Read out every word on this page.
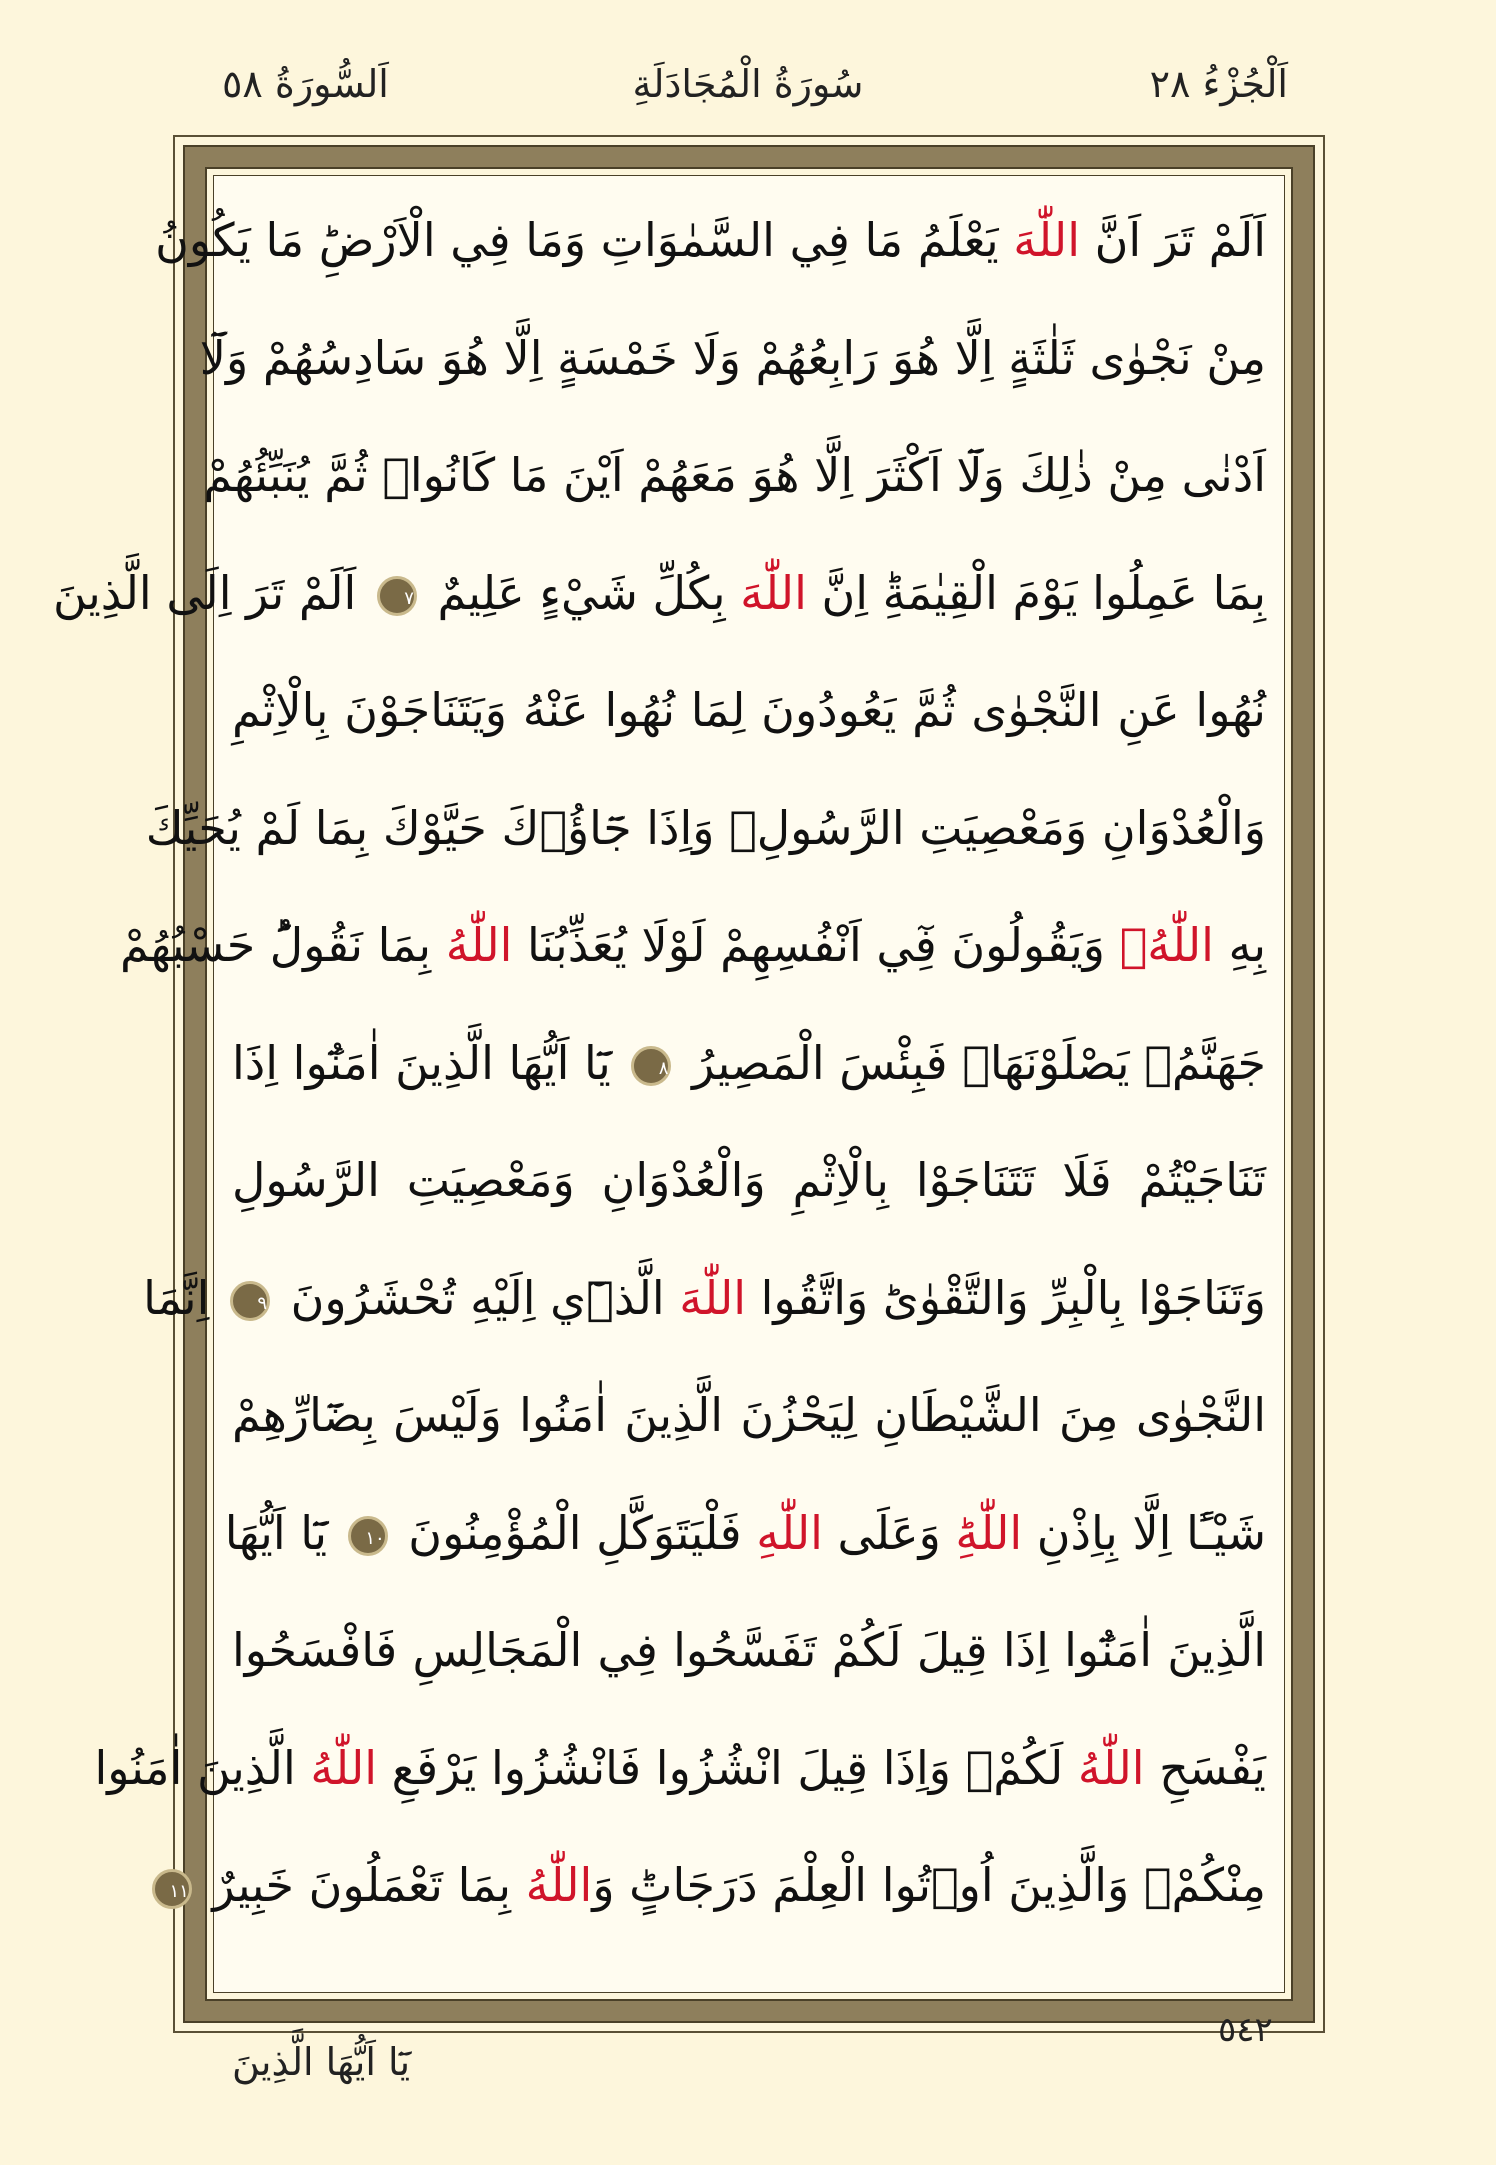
اَلْجُزْءُ ٢٨
سُورَةُ الْمُجَادَلَةِ
اَلسُّورَةُ ٥٨
اَلَمْ تَرَ اَنَّ اللّٰهَ يَعْلَمُ مَا فِي السَّمٰوَاتِ وَمَا فِي الْاَرْضِؕ مَا يَكُونُ
مِنْ نَجْوٰى ثَلٰثَةٍ اِلَّا هُوَ رَابِعُهُمْ وَلَا خَمْسَةٍ اِلَّا هُوَ سَادِسُهُمْ وَلَٓا
اَدْنٰى مِنْ ذٰلِكَ وَلَٓا اَكْثَرَ اِلَّا هُوَ مَعَهُمْ اَيْنَ مَا كَانُواۚ ثُمَّ يُنَبِّئُهُمْ
بِمَا عَمِلُوا يَوْمَ الْقِيٰمَةِؕ اِنَّ اللّٰهَ بِكُلِّ شَيْءٍ عَلِيمٌ ٧ اَلَمْ تَرَ اِلَى الَّذِينَ
نُهُوا عَنِ النَّجْوٰى ثُمَّ يَعُودُونَ لِمَا نُهُوا عَنْهُ وَيَتَنَاجَوْنَ بِالْاِثْمِ
وَالْعُدْوَانِ وَمَعْصِيَتِ الرَّسُولِۘ وَاِذَا جَٓاؤُ۫كَ حَيَّوْكَ بِمَا لَمْ يُحَيِّكَ
بِهِ اللّٰهُۙ وَيَقُولُونَ فِٓي اَنْفُسِهِمْ لَوْلَا يُعَذِّبُنَا اللّٰهُ بِمَا نَقُولُؕ حَسْبُهُمْ
جَهَنَّمُۚ يَصْلَوْنَهَاۚ فَبِئْسَ الْمَصِيرُ ٨ يَٓا اَيُّهَا الَّذِينَ اٰمَنُٓوا اِذَا
تَنَاجَيْتُمْ فَلَا تَتَنَاجَوْا بِالْاِثْمِ وَالْعُدْوَانِ وَمَعْصِيَتِ الرَّسُولِ
وَتَنَاجَوْا بِالْبِرِّ وَالتَّقْوٰىؕ وَاتَّقُوا اللّٰهَ الَّذٖٓي اِلَيْهِ تُحْشَرُونَ ٩ اِنَّمَا
النَّجْوٰى مِنَ الشَّيْطَانِ لِيَحْزُنَ الَّذِينَ اٰمَنُوا وَلَيْسَ بِضَٓارِّهِمْ
شَيْـًٔا اِلَّا بِاِذْنِ اللّٰهِؕ وَعَلَى اللّٰهِ فَلْيَتَوَكَّلِ الْمُؤْمِنُونَ ١٠ يَٓا اَيُّهَا
الَّذِينَ اٰمَنُٓوا اِذَا قِيلَ لَكُمْ تَفَسَّحُوا فِي الْمَجَالِسِ فَافْسَحُوا
يَفْسَحِ اللّٰهُ لَكُمْۚ وَاِذَا قِيلَ انْشُزُوا فَانْشُزُوا يَرْفَعِ اللّٰهُ الَّذِينَ اٰمَنُوا
مِنْكُمْۙ وَالَّذِينَ اُو۫تُوا الْعِلْمَ دَرَجَاتٍؕ وَاللّٰهُ بِمَا تَعْمَلُونَ خَبِيرٌ ١١
٥٤٢
يَٓا اَيُّهَا الَّذِينَ
